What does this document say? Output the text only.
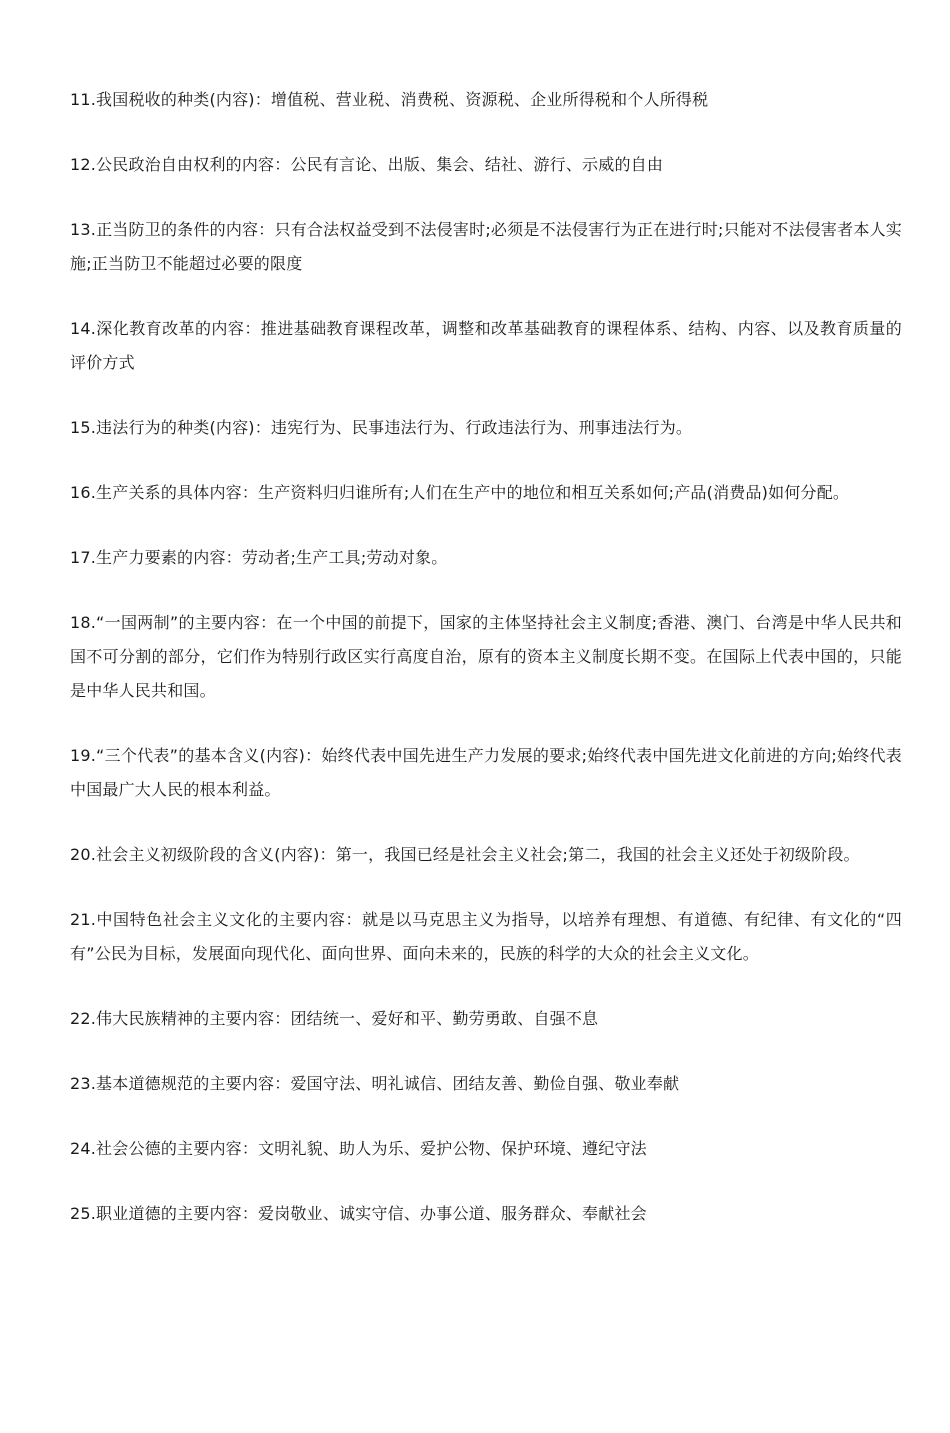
11.我国税收的种类(内容)：增值税、营业税、消费税、资源税、企业所得税和个人所得税

12.公民政治自由权利的内容：公民有言论、出版、集会、结社、游行、示威的自由

13.正当防卫的条件的内容：只有合法权益受到不法侵害时;必须是不法侵害行为正在进行时;只能对不法侵害者本人实施;正当防卫不能超过必要的限度

14.深化教育改革的内容：推进基础教育课程改革，调整和改革基础教育的课程体系、结构、内容、以及教育质量的评价方式

15.违法行为的种类(内容)：违宪行为、民事违法行为、行政违法行为、刑事违法行为。

16.生产关系的具体内容：生产资料归归谁所有;人们在生产中的地位和相互关系如何;产品(消费品)如何分配。

17.生产力要素的内容：劳动者;生产工具;劳动对象。

18.“一国两制”的主要内容：在一个中国的前提下，国家的主体坚持社会主义制度;香港、澳门、台湾是中华人民共和国不可分割的部分，它们作为特别行政区实行高度自治，原有的资本主义制度长期不变。在国际上代表中国的，只能是中华人民共和国。

19.“三个代表”的基本含义(内容)：始终代表中国先进生产力发展的要求;始终代表中国先进文化前进的方向;始终代表中国最广大人民的根本利益。

20.社会主义初级阶段的含义(内容)：第一，我国已经是社会主义社会;第二，我国的社会主义还处于初级阶段。

21.中国特色社会主义文化的主要内容：就是以马克思主义为指导，以培养有理想、有道德、有纪律、有文化的“四有”公民为目标，发展面向现代化、面向世界、面向未来的，民族的科学的大众的社会主义文化。

22.伟大民族精神的主要内容：团结统一、爱好和平、勤劳勇敢、自强不息

23.基本道德规范的主要内容：爱国守法、明礼诚信、团结友善、勤俭自强、敬业奉献

24.社会公德的主要内容：文明礼貌、助人为乐、爱护公物、保护环境、遵纪守法

25.职业道德的主要内容：爱岗敬业、诚实守信、办事公道、服务群众、奉献社会
